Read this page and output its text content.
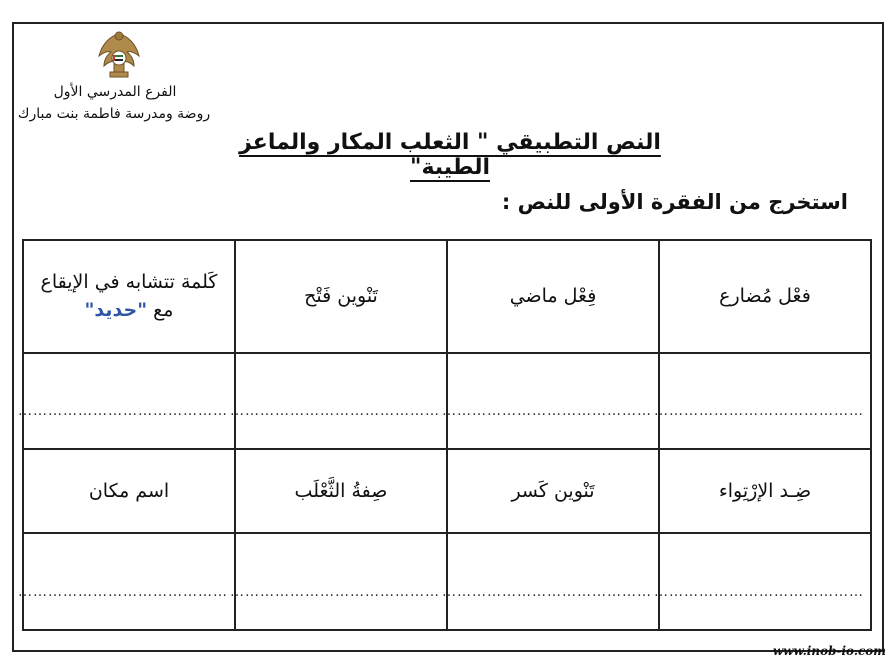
الفرع المدرسي الأول
روضة ومدرسة فاطمة بنت مبارك
النص التطبيقي " الثعلب المكار والماعز الطيبة"
استخرج من الفقرة الأولى للنص :
فعْل مُضارع	فِعْل ماضي	تَنْوين فَتْح	كَلمة تتشابه في الإيقاع
مع "حديد"

……………………………………	……………………………………	……………………………………	……………………………………
ضِـد الإرْتِواء	تَنْوين كَسر	صِفةُ الثَّعْلَب	اسم مكان
……………………………………	……………………………………	……………………………………	……………………………………
www.inob-io.com
